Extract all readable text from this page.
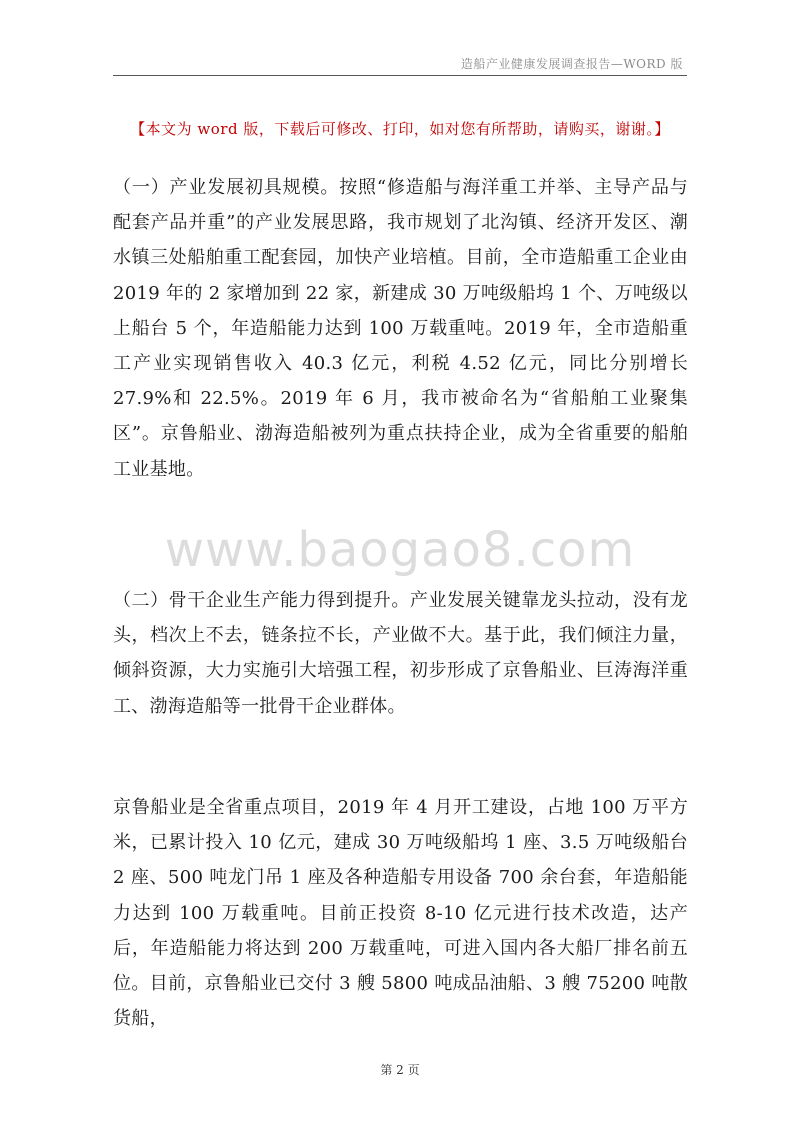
造船产业健康发展调查报告—WORD 版
【本文为 word 版，下载后可修改、打印，如对您有所帮助，请购买，谢谢。】

（一）产业发展初具规模。按照“修造船与海洋重工并举、主导产品与配套产品并重”的产业发展思路，我市规划了北沟镇、经济开发区、潮水镇三处船舶重工配套园，加快产业培植。目前，全市造船重工企业由 2019 年的 2 家增加到 22 家，新建成 30 万吨级船坞 1 个、万吨级以上船台 5 个，年造船能力达到 100 万载重吨。2019 年，全市造船重工产业实现销售收入 40.3 亿元，利税 4.52 亿元，同比分别增长 27.9%和 22.5%。2019 年 6 月，我市被命名为“省船舶工业聚集区”。京鲁船业、渤海造船被列为重点扶持企业，成为全省重要的船舶工业基地。

www.baogao8.com

（二）骨干企业生产能力得到提升。产业发展关键靠龙头拉动，没有龙头，档次上不去，链条拉不长，产业做不大。基于此，我们倾注力量，倾斜资源，大力实施引大培强工程，初步形成了京鲁船业、巨涛海洋重工、渤海造船等一批骨干企业群体。

京鲁船业是全省重点项目，2019 年 4 月开工建设，占地 100 万平方米，已累计投入 10 亿元，建成 30 万吨级船坞 1 座、3.5 万吨级船台 2 座、500 吨龙门吊 1 座及各种造船专用设备 700 余台套，年造船能力达到 100 万载重吨。目前正投资 8-10 亿元进行技术改造，达产后，年造船能力将达到 200 万载重吨，可进入国内各大船厂排名前五位。目前，京鲁船业已交付 3 艘 5800 吨成品油船、3 艘 75200 吨散货船，

第 2 页
